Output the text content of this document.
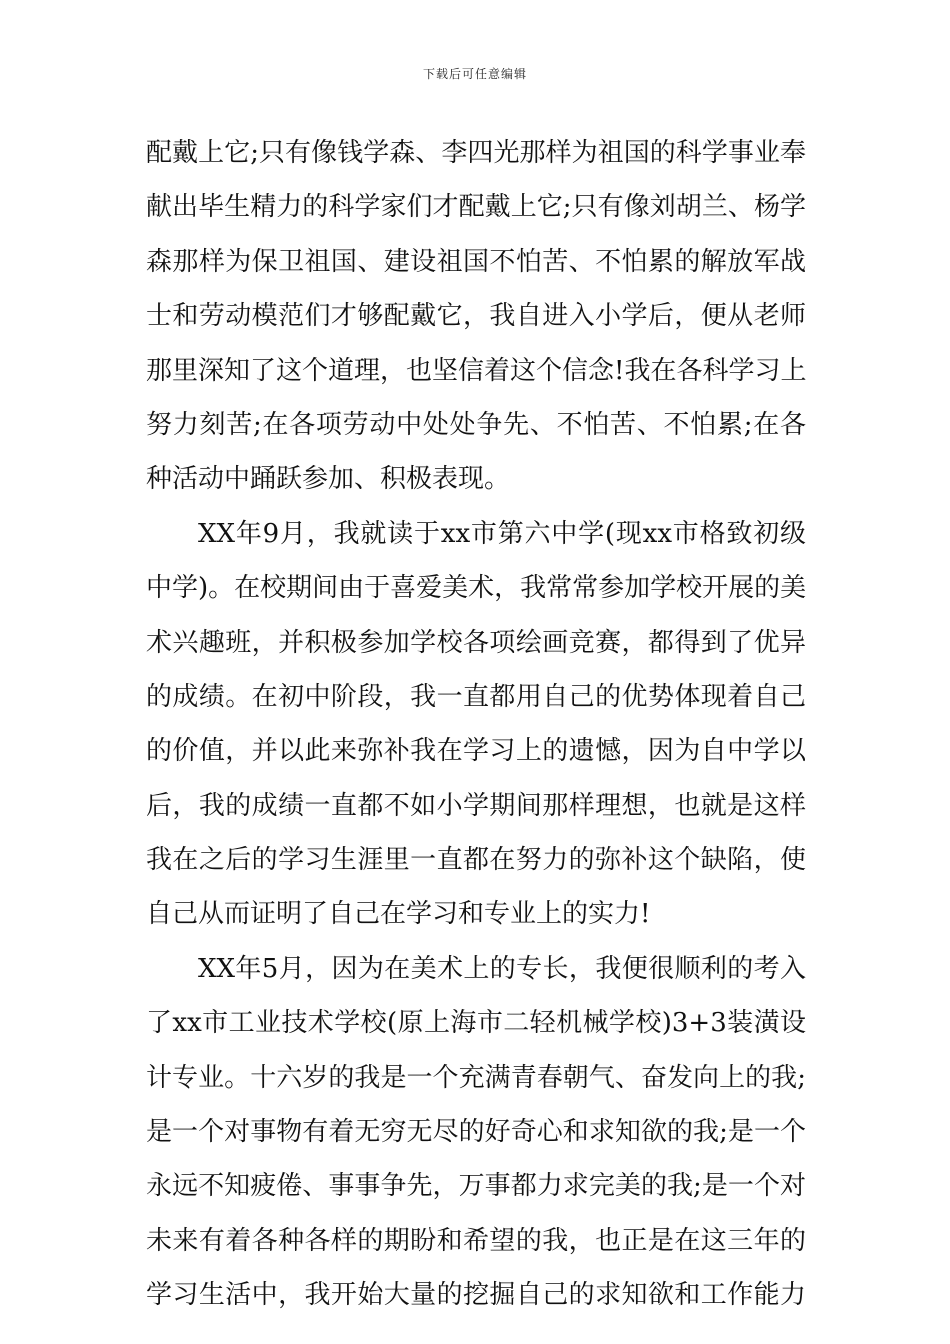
下载后可任意编辑
配戴上它;只有像钱学森、李四光那样为祖国的科学事业奉
献出毕生精力的科学家们才配戴上它;只有像刘胡兰、杨学
森那样为保卫祖国、建设祖国不怕苦、不怕累的解放军战
士和劳动模范们才够配戴它，我自进入小学后，便从老师
那里深知了这个道理，也坚信着这个信念!我在各科学习上
努力刻苦;在各项劳动中处处争先、不怕苦、不怕累;在各
种活动中踊跃参加、积极表现。
XX年9月，我就读于xx市第六中学(现xx市格致初级
中学)。在校期间由于喜爱美术，我常常参加学校开展的美
术兴趣班，并积极参加学校各项绘画竞赛，都得到了优异
的成绩。在初中阶段，我一直都用自己的优势体现着自己
的价值，并以此来弥补我在学习上的遗憾，因为自中学以
后，我的成绩一直都不如小学期间那样理想，也就是这样
我在之后的学习生涯里一直都在努力的弥补这个缺陷，使
自己从而证明了自己在学习和专业上的实力!
XX年5月，因为在美术上的专长，我便很顺利的考入
了xx市工业技术学校(原上海市二轻机械学校)3+3装潢设
计专业。十六岁的我是一个充满青春朝气、奋发向上的我;
是一个对事物有着无穷无尽的好奇心和求知欲的我;是一个
永远不知疲倦、事事争先，万事都力求完美的我;是一个对
未来有着各种各样的期盼和希望的我，也正是在这三年的
学习生活中，我开始大量的挖掘自己的求知欲和工作能力
